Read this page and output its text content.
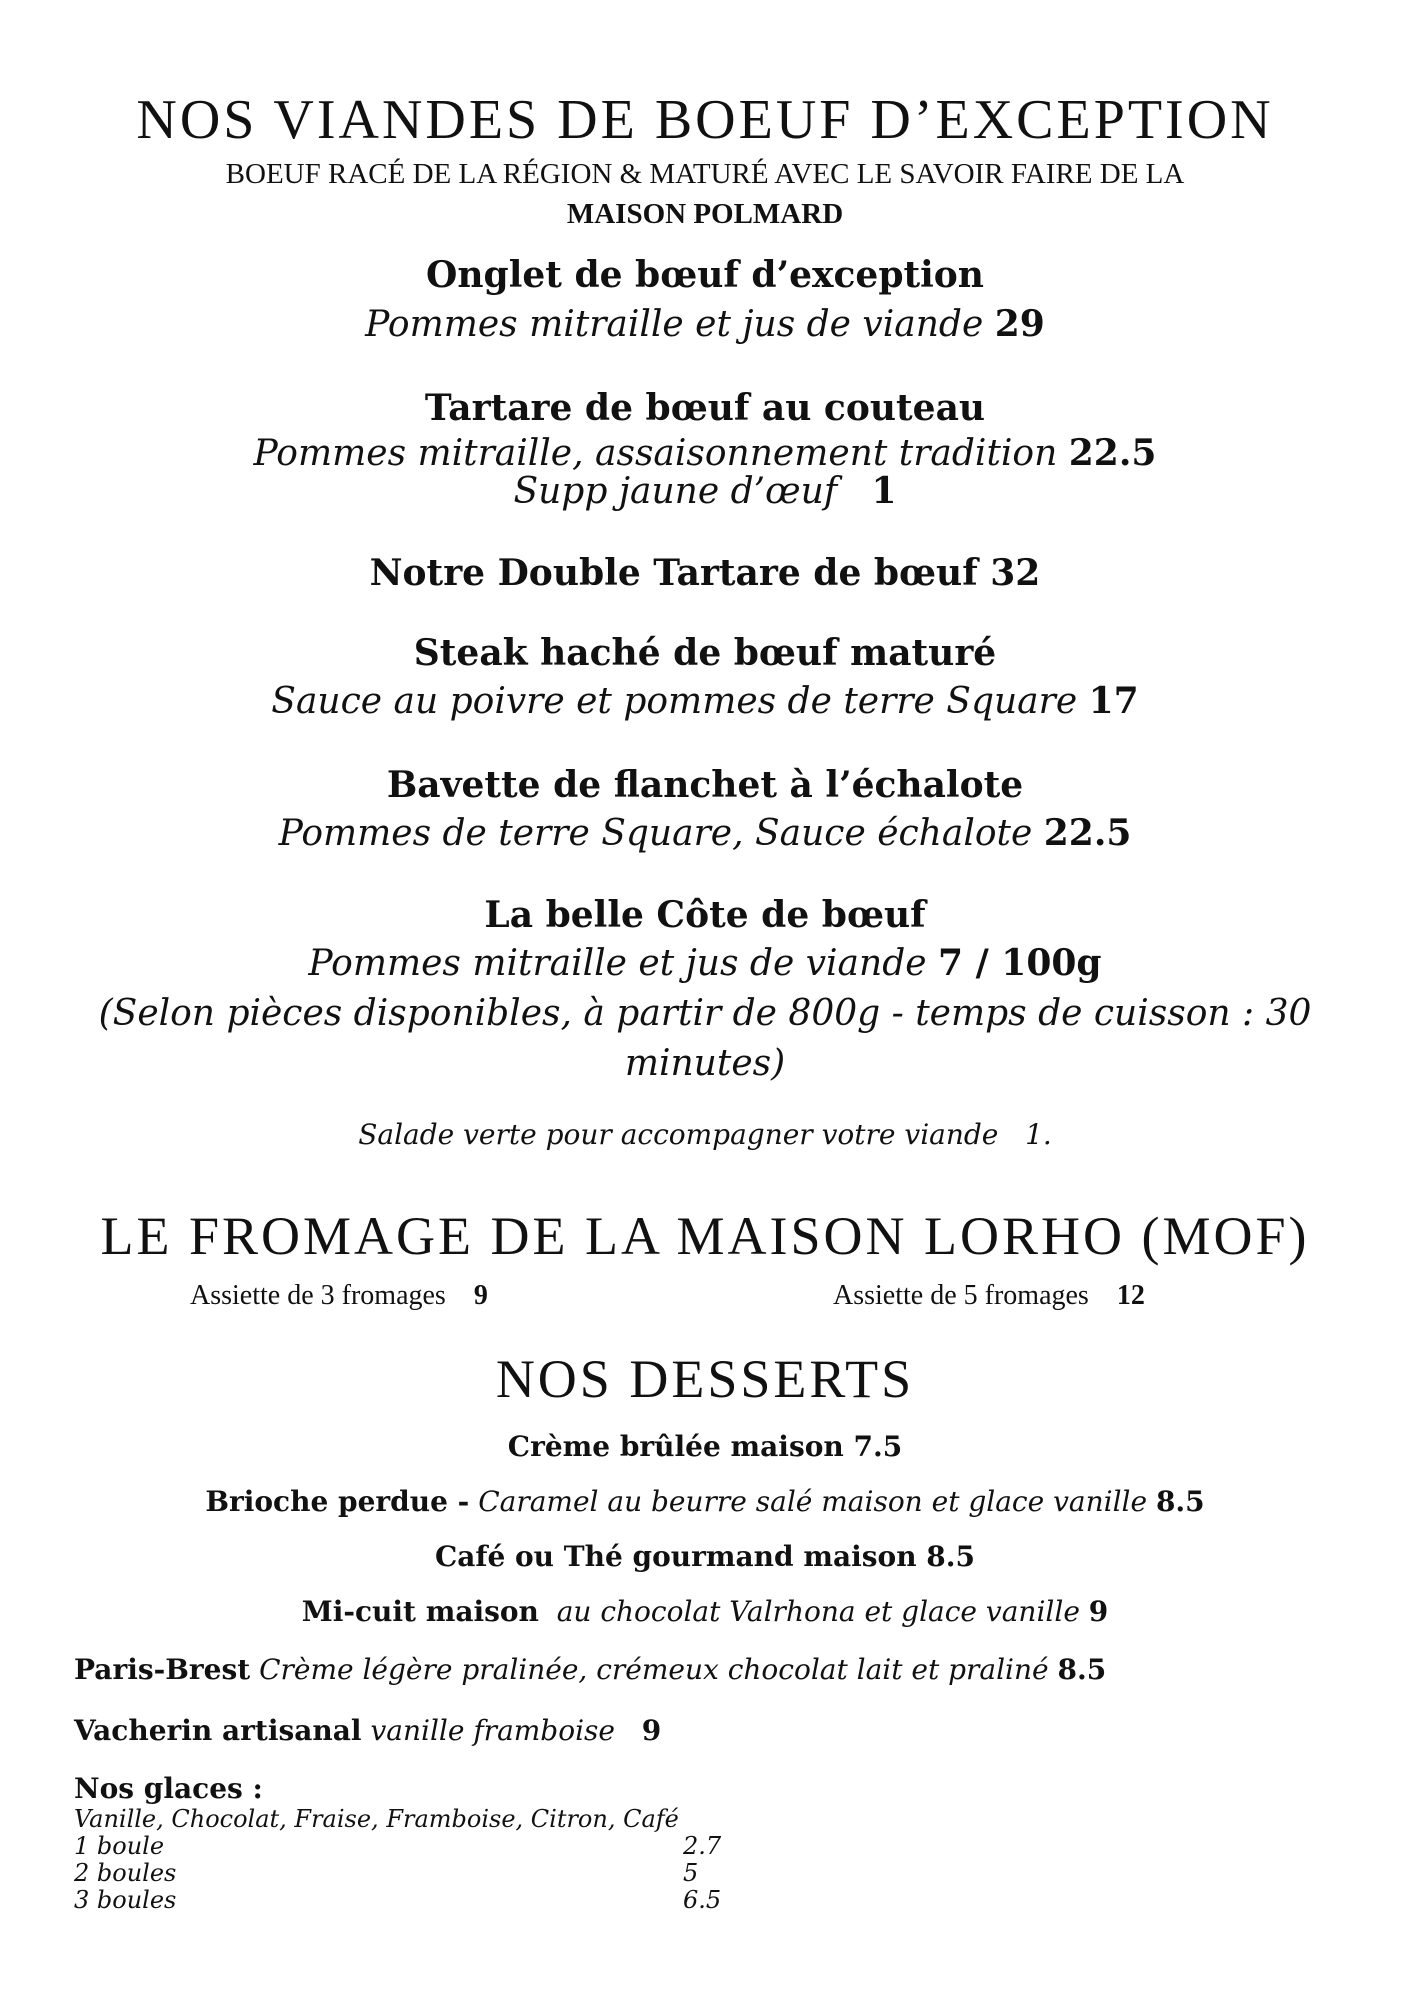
NOS VIANDES DE BOEUF D’EXCEPTION
BOEUF RACÉ DE LA RÉGION & MATURÉ AVEC LE SAVOIR FAIRE DE LA
MAISON POLMARD
Onglet de bœuf d’exception
Pommes mitraille et jus de viande 29
Tartare de bœuf au couteau
Pommes mitraille, assaisonnement tradition 22.5
Supp jaune d’œuf 1
Notre Double Tartare de bœuf 32
Steak haché de bœuf maturé
Sauce au poivre et pommes de terre Square 17
Bavette de flanchet à l’échalote
Pommes de terre Square, Sauce échalote 22.5
La belle Côte de bœuf
Pommes mitraille et jus de viande 7 / 100g
(Selon pièces disponibles, à partir de 800g - temps de cuisson : 30
minutes)
Salade verte pour accompagner votre viande 1.
LE FROMAGE DE LA MAISON LORHO (MOF)
Assiette de 3 fromages 9	Assiette de 5 fromages 12
NOS DESSERTS
Crème brûlée maison 7.5
Brioche perdue - Caramel au beurre salé maison et glace vanille 8.5
Café ou Thé gourmand maison 8.5
Mi-cuit maison au chocolat Valrhona et glace vanille 9
Paris-Brest Crème légère pralinée, crémeux chocolat lait et praliné 8.5
Vacherin artisanal vanille framboise 9
Nos glaces :
Vanille, Chocolat, Fraise, Framboise, Citron, Café
1 boule	2.7
2 boules	5
3 boules	6.5
